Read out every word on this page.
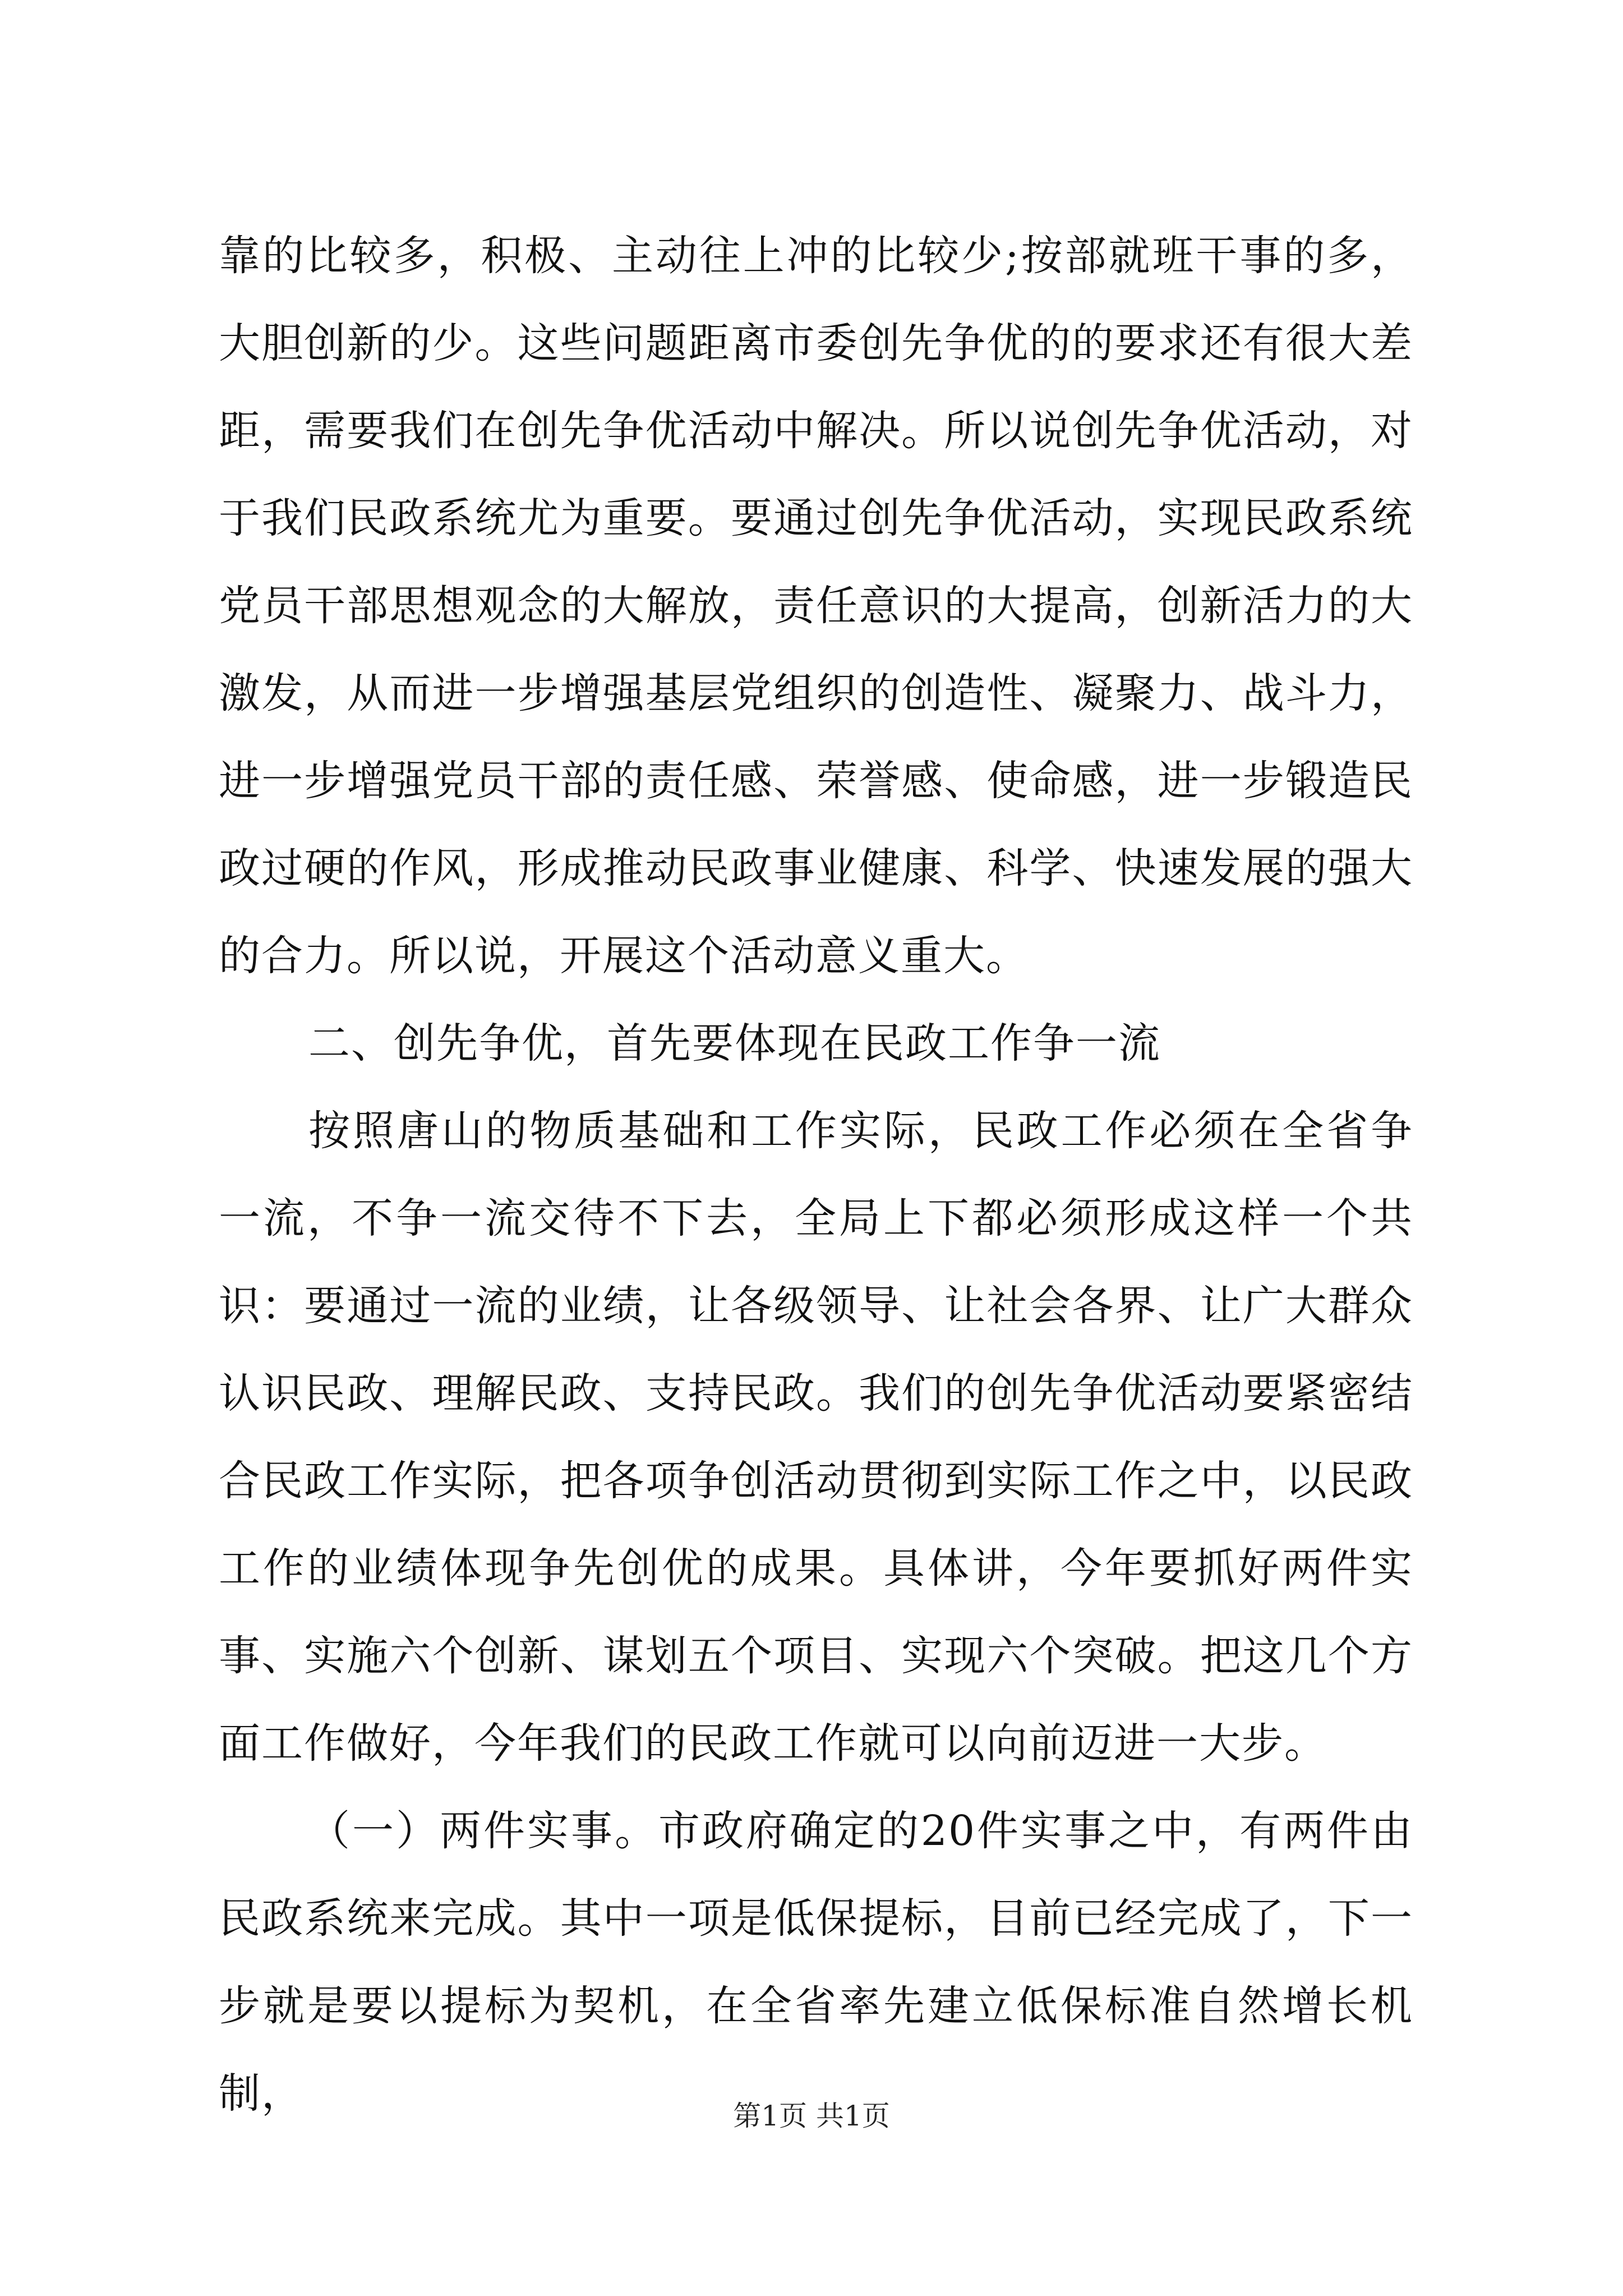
靠的比较多，积极、主动往上冲的比较少;按部就班干事的多，大胆创新的少。这些问题距离市委创先争优的的要求还有很大差距，需要我们在创先争优活动中解决。所以说创先争优活动，对于我们民政系统尤为重要。要通过创先争优活动，实现民政系统党员干部思想观念的大解放，责任意识的大提高，创新活力的大激发，从而进一步增强基层党组织的创造性、凝聚力、战斗力，进一步增强党员干部的责任感、荣誉感、使命感，进一步锻造民政过硬的作风，形成推动民政事业健康、科学、快速发展的强大的合力。所以说，开展这个活动意义重大。

二、创先争优，首先要体现在民政工作争一流

按照唐山的物质基础和工作实际，民政工作必须在全省争一流，不争一流交待不下去，全局上下都必须形成这样一个共识：要通过一流的业绩，让各级领导、让社会各界、让广大群众认识民政、理解民政、支持民政。我们的创先争优活动要紧密结合民政工作实际，把各项争创活动贯彻到实际工作之中，以民政工作的业绩体现争先创优的成果。具体讲，今年要抓好两件实事、实施六个创新、谋划五个项目、实现六个突破。把这几个方面工作做好，今年我们的民政工作就可以向前迈进一大步。

（一）两件实事。市政府确定的20件实事之中，有两件由民政系统来完成。其中一项是低保提标，目前已经完成了，下一步就是要以提标为契机，在全省率先建立低保标准自然增长机制，	第1页 共1页
